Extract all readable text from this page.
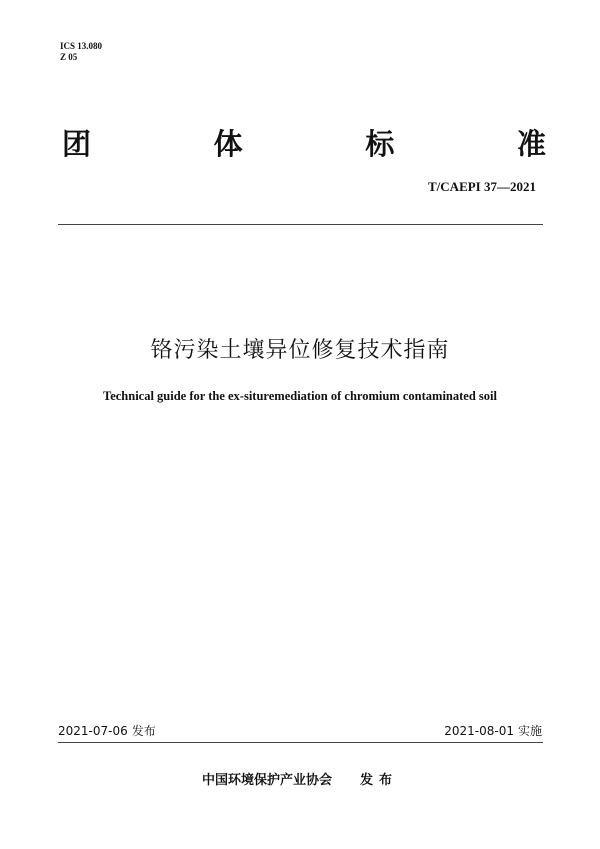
ICS 13.080
Z 05
团	体	标	准
T/CAEPI 37—2021
铬污染土壤异位修复技术指南
Technical guide for the ex-situremediation of chromium contaminated soil
2021-07-06 发布	2021-08-01 实施
中国环境保护产业协会 发布
